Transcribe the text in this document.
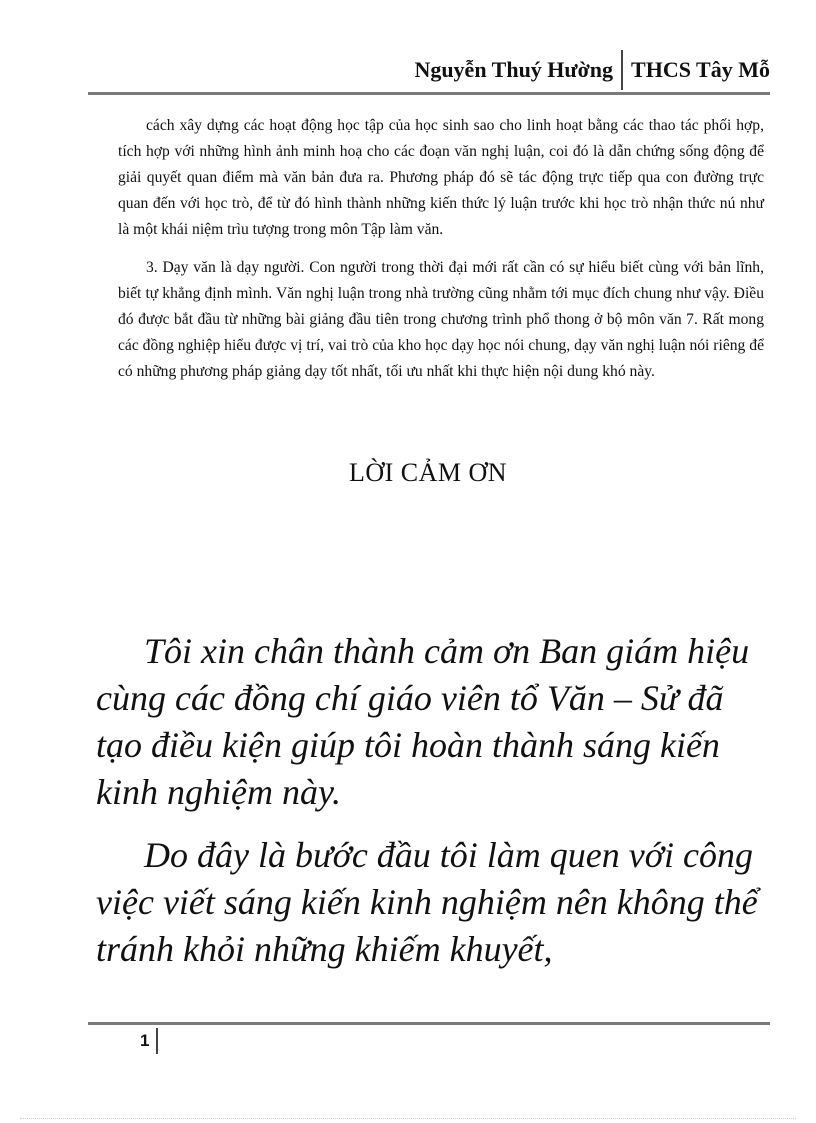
Nguyễn Thuý Hường THCS Tây Mỗ

cách xây dựng các hoạt động học tập của học sinh sao cho linh hoạt bằng các thao tác phối hợp, tích hợp với những hình ảnh minh hoạ cho các đoạn văn nghị luận, coi đó là dẫn chứng sống động để giải quyết quan điểm mà văn bản đưa ra. Phương pháp đó sẽ tác động trực tiếp qua con đường trực quan đến với học trò, để từ đó hình thành những kiến thức lý luận trước khi học trò nhận thức nú như là một khái niệm trìu tượng trong môn Tập làm văn.

3. Dạy văn là dạy người. Con người trong thời đại mới rất cần có sự hiểu biết cùng với bản lĩnh, biết tự khẳng định mình. Văn nghị luận trong nhà trường cũng nhằm tới mục đích chung như vậy. Điều đó được bắt đầu từ những bài giảng đầu tiên trong chương trình phổ thong ở bộ môn văn 7. Rất mong các đồng nghiệp hiểu được vị trí, vai trò của kho học dạy học nói chung, dạy văn nghị luận nói riêng để có những phương pháp giảng dạy tốt nhất, tối ưu nhất khi thực hiện nội dung khó này.

LỜI CẢM ƠN

Tôi xin chân thành cảm ơn Ban giám hiệu cùng các đồng chí giáo viên tổ Văn – Sử đã tạo điều kiện giúp tôi hoàn thành sáng kiến kinh nghiệm này.

Do đây là bước đầu tôi làm quen với công việc viết sáng kiến kinh nghiệm nên không thể tránh khỏi những khiếm khuyết,

1
